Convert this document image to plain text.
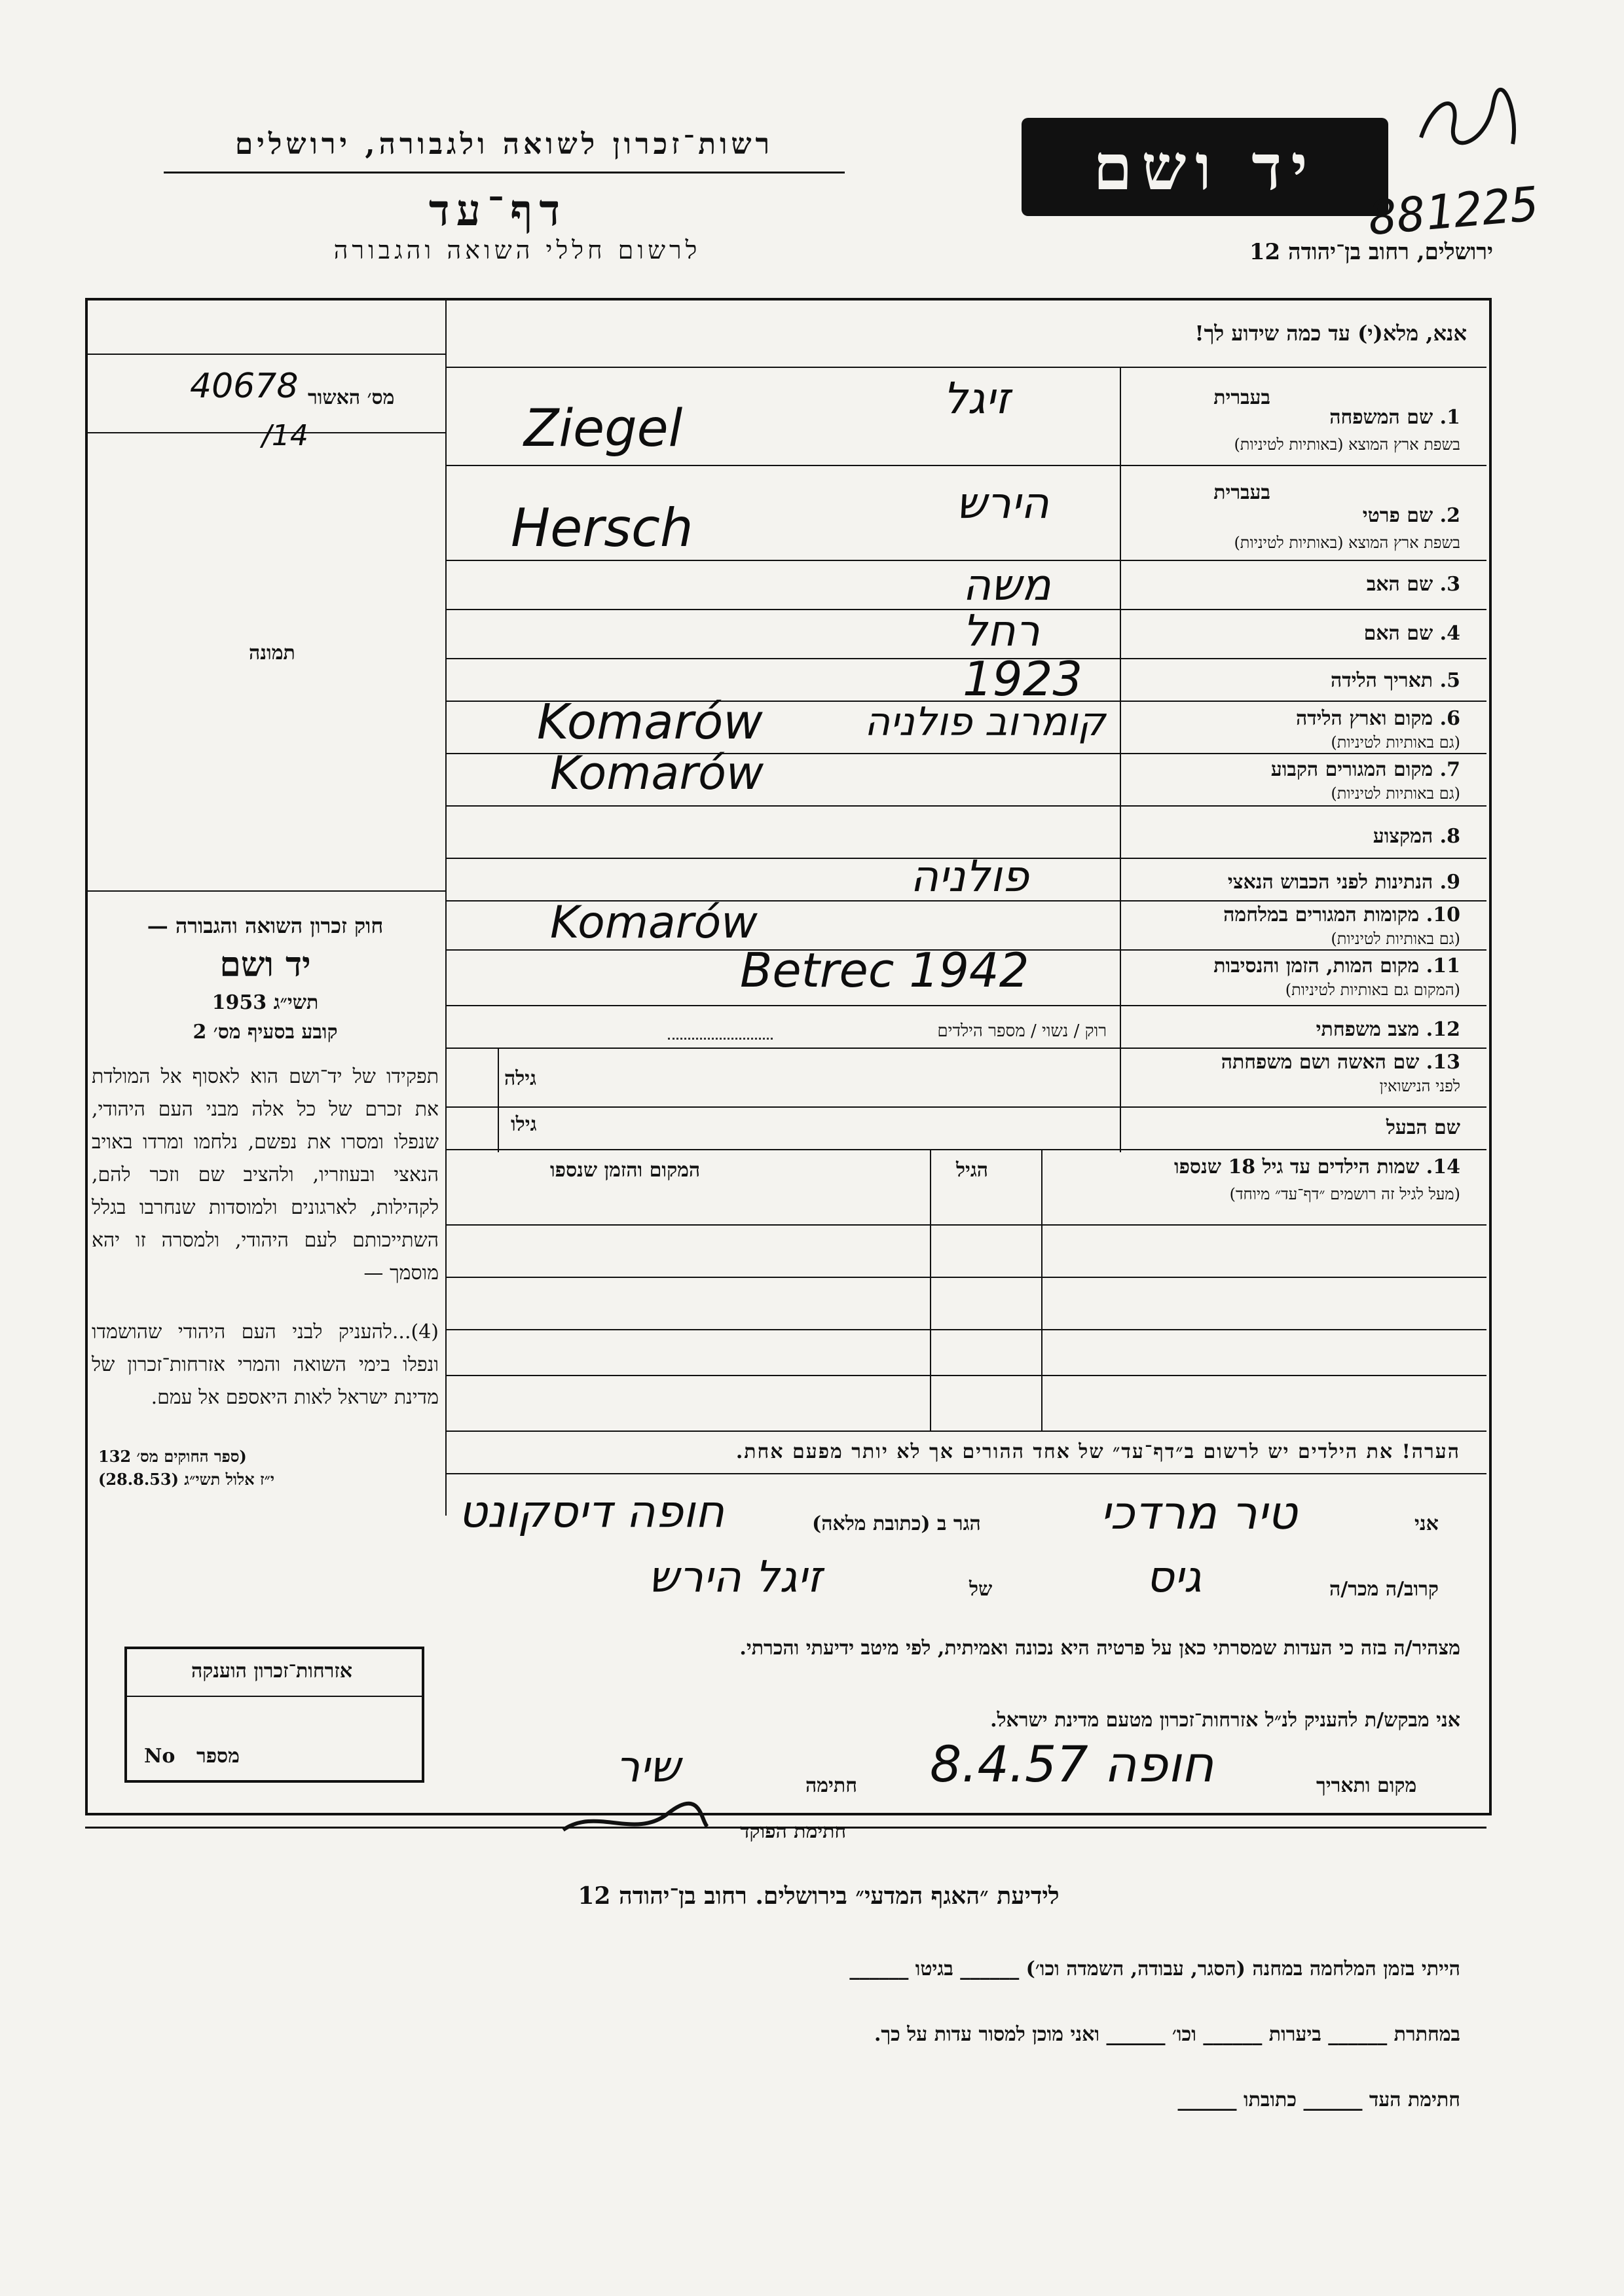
רשות־זכרון לשואה ולגבורה, ירושלים
דף־עד
לרשום חללי השואה והגבורה
יד ושם
ירושלים, רחוב בן־יהודה 12
881225
מס׳ האשור
40678
/14
תמונה
חוק זכרון השואה והגבורה —
יד ושם
תשי״ג 1953
קובע בסעיף מס׳ 2
תפקידו של יד־ושם הוא לאסוף אל המולדת את זכרם של כל אלה מבני העם היהודי, שנפלו ומסרו את נפשם, נלחמו ומרדו באויב הנאצי ובעוזריו, ולהציב שם וזכר להם, לקהילות, לארגונים ולמוסדות שנחרבו בגלל השתייכותם לעם היהודי, ולמסרה זו יהא מוסמך —
(4)...להעניק לבני העם היהודי שהושמדו ונפלו בימי השואה והמרי אזרחות־זכרון של מדינת ישראל לאות היאספם אל עמם.
(ספר החוקים מס׳ 132
י״ז אלול תשי״ג (28.8.53)
אנא, מלא(י) עד כמה שידוע לך!
בעברית
1. שם המשפחה
בשפת ארץ המוצא (באותיות לטיניות)
זיגל
Ziegel
בעברית
2. שם פרטי
בשפת ארץ המוצא (באותיות לטיניות)
הירש
Hersch
3. שם האב
משה
4. שם האם
רחל
5. תאריך הלידה
1923
6. מקום וארץ הלידה
(גם באותיות לטיניות)
Komarów	קומרוב פולניה
7. מקום המגורים הקבוע
(גם באותיות לטיניות)
Komarów
8. המקצוע
9. הנתינות לפני הכבוש הנאצי
פולניה
10. מקומות המגורים במלחמה
(גם באותיות לטיניות)
Komarów
11. מקום המות, הזמן והנסיבות
(המקום גם באותיות לטיניות)
Betrec 1942
12. מצב משפחתי
רוק / נשוי / מספר הילדים
13. שם האשה ושם משפחתה
לפני הנישואין
גילה
שם הבעל
גילו
14. שמות הילדים עד גיל 18 שנספו
(מעל לגיל זה רושמים ״דף־עד״ מיוחד)
הגיל
המקום והזמן שנספו
הערה! את הילדים יש לרשום ב״דף־עד״ של אחד ההורים אך לא יותר מפעם אחת.
אני
טיר מרדכי
הגר ב (כתובת מלאה)
חופה דיסקונט
קרוב/ה מכר/ה
גיס
של
זיגל הירש
מצהיר/ה בזה כי העדות שמסרתי כאן על פרטיה היא נכונה ואמיתית, לפי מיטב ידיעתי והכרתי.
אני מבקש/ת להעניק לנ״ל אזרחות־זכרון מטעם מדינת ישראל.
מקום ותאריך
חופה 8.4.57
חתימה
שיר
חתימת הפוקד
אזרחות־זכרון הוענקה
מספר
No
לידיעת ״האגף המדעי״ בירושלים. רחוב בן־יהודה 12
הייתי בזמן המלחמה במחנה (הסגר, עבודה, השמדה וכו׳) ______ בגיטו ______
במחתרת ______ ביערות ______ וכו׳ ______ ואני מוכן למסור עדות על כך.
חתימת העד ______ כתובתו ______
